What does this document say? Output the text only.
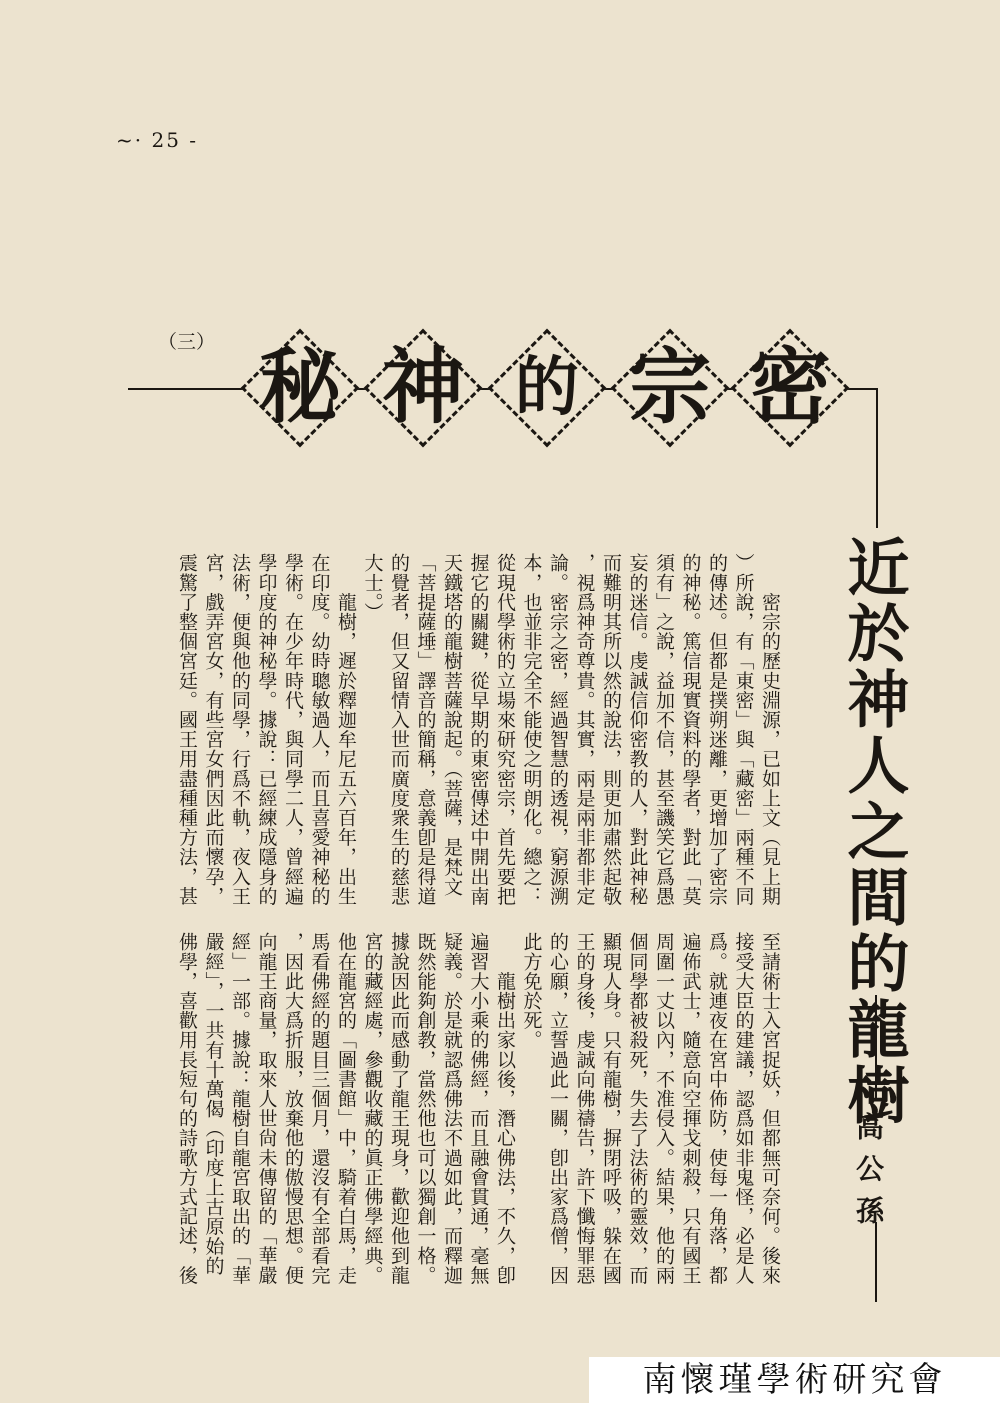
~· 25 -
（三）	密
宗
的
神
秘
近於神人之間的龍樹
高公孫
　　密宗的歷史淵源，已如上文（見上期
）所說，有「東密」與「藏密」兩種不同
的傳述。但都是撲朔迷離，更增加了密宗
的神秘。篤信現實資料的學者，對此「莫
須有」之說，益加不信，甚至譏笑它爲愚
妄的迷信。虔誠信仰密教的人，對此神秘
而難明其所以然的說法，則更加肅然起敬
，視爲神奇尊貴。其實，兩是兩非都非定
論。密宗之密，經過智慧的透視，窮源溯
本，也並非完全不能使之明朗化。總之：
從現代學術的立場來研究密宗，首先要把
握它的關鍵，從早期的東密傳述中開出南
天鐵塔的龍樹菩薩說起。（菩薩，是梵文
「菩提薩埵」譯音的簡稱，意義卽是得道
的覺者，但又留情入世而廣度衆生的慈悲
大士。）
　　龍樹，遲於釋迦牟尼五六百年，出生
在印度。幼時聰敏過人，而且喜愛神秘的
學術。在少年時代，與同學二人，曾經遍
學印度的神秘學。據說：已經練成隱身的
法術，便與他的同學，行爲不軌，夜入王
宮，戲弄宮女，有些宮女們因此而懷孕，
震驚了整個宮廷。國王用盡種種方法，甚
至請術士入宮捉妖，但都無可奈何。後來
接受大臣的建議，認爲如非鬼怪，必是人
爲。就連夜在宮中佈防，使每一角落，都
遍佈武士，隨意向空揮戈刺殺，只有國王
周圍一丈以內，不准侵入。結果，他的兩
個同學都被殺死，失去了法術的靈效，而
顯現人身。只有龍樹，摒閉呼吸，躲在國
王的身後，虔誠向佛禱告，許下懺悔罪惡
的心願，立誓過此一關，卽出家爲僧，因
此方免於死。
　　龍樹出家以後，潛心佛法，不久，卽
遍習大小乘的佛經，而且融會貫通，毫無
疑義。於是就認爲佛法不過如此，而釋迦
既然能夠創教，當然他也可以獨創一格。
據說因此而感動了龍王現身，歡迎他到龍
宮的藏經處，參觀收藏的眞正佛學經典。
他在龍宮的「圖書館」中，騎着白馬，走
馬看佛經的題目三個月，還沒有全部看完
，因此大爲折服，放棄他的傲慢思想。便
向龍王商量，取來人世尙未傳留的「華嚴
經」一部。據說：龍樹自龍宮取出的「華
嚴經」，一共有十萬偈（印度上古原始的
佛學，喜歡用長短句的詩歌方式記述，後
南懷瑾學術研究會
